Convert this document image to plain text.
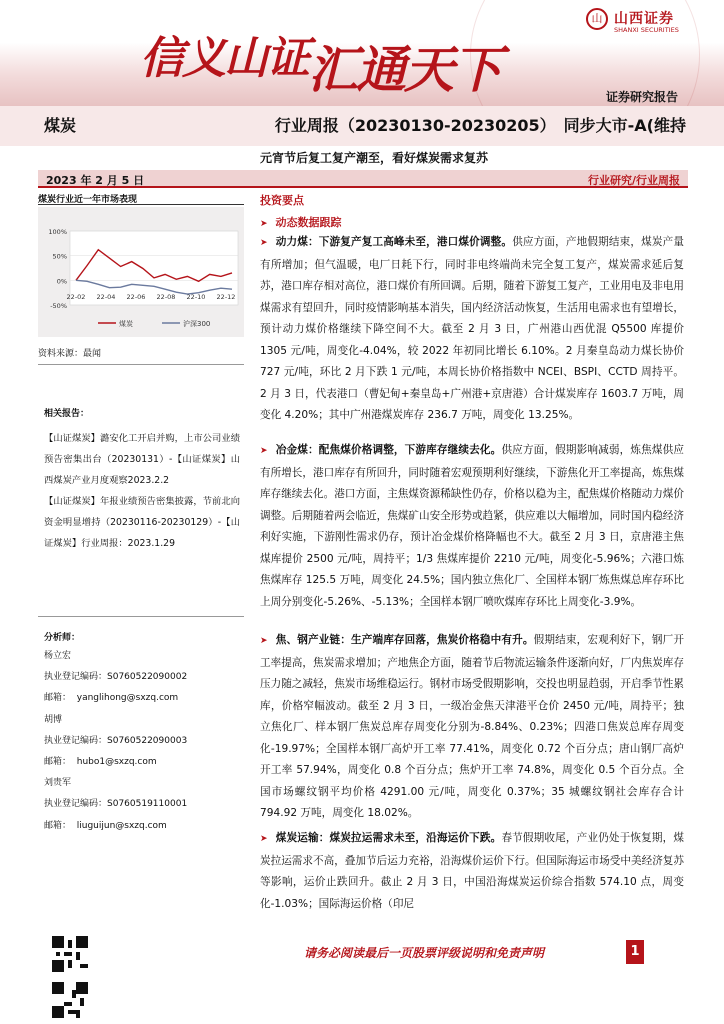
信义山证汇通天下
山 山西证券
SHANXI SECURITIES
证券研究报告
煤炭	行业周报（20230130-20230205）　同步大市-A(维持
元宵节后复工复产潮至，看好煤炭需求复苏
2023 年 2 月 5 日	行业研究/行业周报
煤炭行业近一年市场表现
100%
50%
0%
-50%
22-02 22-04 22-06 22-08 22-10 22-12
煤炭	沪深300
资料来源：最闻
相关报告：
【山证煤炭】潞安化工开启并购，上市公司业绩预告密集出台（20230131）-【山证煤炭】山西煤炭产业月度观察2023.2.2
【山证煤炭】年报业绩预告密集披露，节前北向资金明显增持（20230116-20230129）-【山证煤炭】行业周报：2023.1.29
分析师：
杨立宏
执业登记编码：S0760522090002
邮箱： yanglihong@sxzq.com
胡博
执业登记编码：S0760522090003
邮箱： hubo1@sxzq.com
刘贵军
执业登记编码：S0760519110001
邮箱： liuguijun@sxzq.com
投资要点
➤ 动态数据跟踪
➤ 动力煤：下游复产复工高峰未至，港口煤价调整。供应方面，产地假期结束，煤炭产量有所增加；但气温暖，电厂日耗下行，同时非电终端尚未完全复工复产，煤炭需求延后复苏，港口库存相对高位，港口煤价有所回调。后期，随着下游复工复产，工业用电及非电用煤需求有望回升，同时疫情影响基本消失，国内经济活动恢复，生活用电需求也有望增长，预计动力煤价格继续下降空间不大。截至 2 月 3 日，广州港山西优混 Q5500 库提价 1305 元/吨，周变化-4.04%，较 2022 年初同比增长 6.10%。2 月秦皇岛动力煤长协价 727 元/吨，环比 2 月下跌 1 元/吨，本周长协价格指数中 NCEI、BSPI、CCTD 周持平。2 月 3 日，代表港口（曹妃甸+秦皇岛+广州港+京唐港）合计煤炭库存 1603.7 万吨，周变化 4.20%；其中广州港煤炭库存 236.7 万吨，周变化 13.25%。
➤ 冶金煤：配焦煤价格调整，下游库存继续去化。供应方面，假期影响减弱，炼焦煤供应有所增长，港口库存有所回升，同时随着宏观预期利好继续，下游焦化开工率提高，炼焦煤库存继续去化。港口方面，主焦煤资源稀缺性仍存，价格以稳为主，配焦煤价格随动力煤价调整。后期随着两会临近，焦煤矿山安全形势或趋紧，供应难以大幅增加，同时国内稳经济利好实施，下游刚性需求仍存，预计冶金煤价格降幅也不大。截至 2 月 3 日，京唐港主焦煤库提价 2500 元/吨，周持平；1/3 焦煤库提价 2210 元/吨，周变化-5.96%；六港口炼焦煤库存 125.5 万吨，周变化 24.5%；国内独立焦化厂、全国样本钢厂炼焦煤总库存环比上周分别变化-5.26%、-5.13%；全国样本钢厂喷吹煤库存环比上周变化-3.9%。
➤ 焦、钢产业链：生产端库存回落，焦炭价格稳中有升。假期结束，宏观利好下，钢厂开工率提高，焦炭需求增加；产地焦企方面，随着节后物流运输条件逐渐向好，厂内焦炭库存压力随之减轻，焦炭市场维稳运行。钢材市场受假期影响，交投也明显趋弱，开启季节性累库，价格窄幅波动。截至 2 月 3 日，一级冶金焦天津港平仓价 2450 元/吨，周持平；独立焦化厂、样本钢厂焦炭总库存周变化分别为-8.84%、0.23%；四港口焦炭总库存周变化-19.97%；全国样本钢厂高炉开工率 77.41%，周变化 0.72 个百分点；唐山钢厂高炉开工率 57.94%，周变化 0.8 个百分点；焦炉开工率 74.8%，周变化 0.5 个百分点。全国市场螺纹钢平均价格 4291.00 元/吨，周变化 0.37%；35 城螺纹钢社会库存合计 794.92 万吨，周变化 18.02%。
➤ 煤炭运输：煤炭拉运需求未至，沿海运价下跌。春节假期收尾，产业仍处于恢复期，煤炭拉运需求不高，叠加节后运力充裕，沿海煤价运价下行。但国际海运市场受中美经济复苏等影响，运价止跌回升。截止 2 月 3 日，中国沿海煤炭运价综合指数 574.10 点，周变化-1.03%；国际海运价格（印尼
请务必阅读最后一页股票评级说明和免责声明	1
